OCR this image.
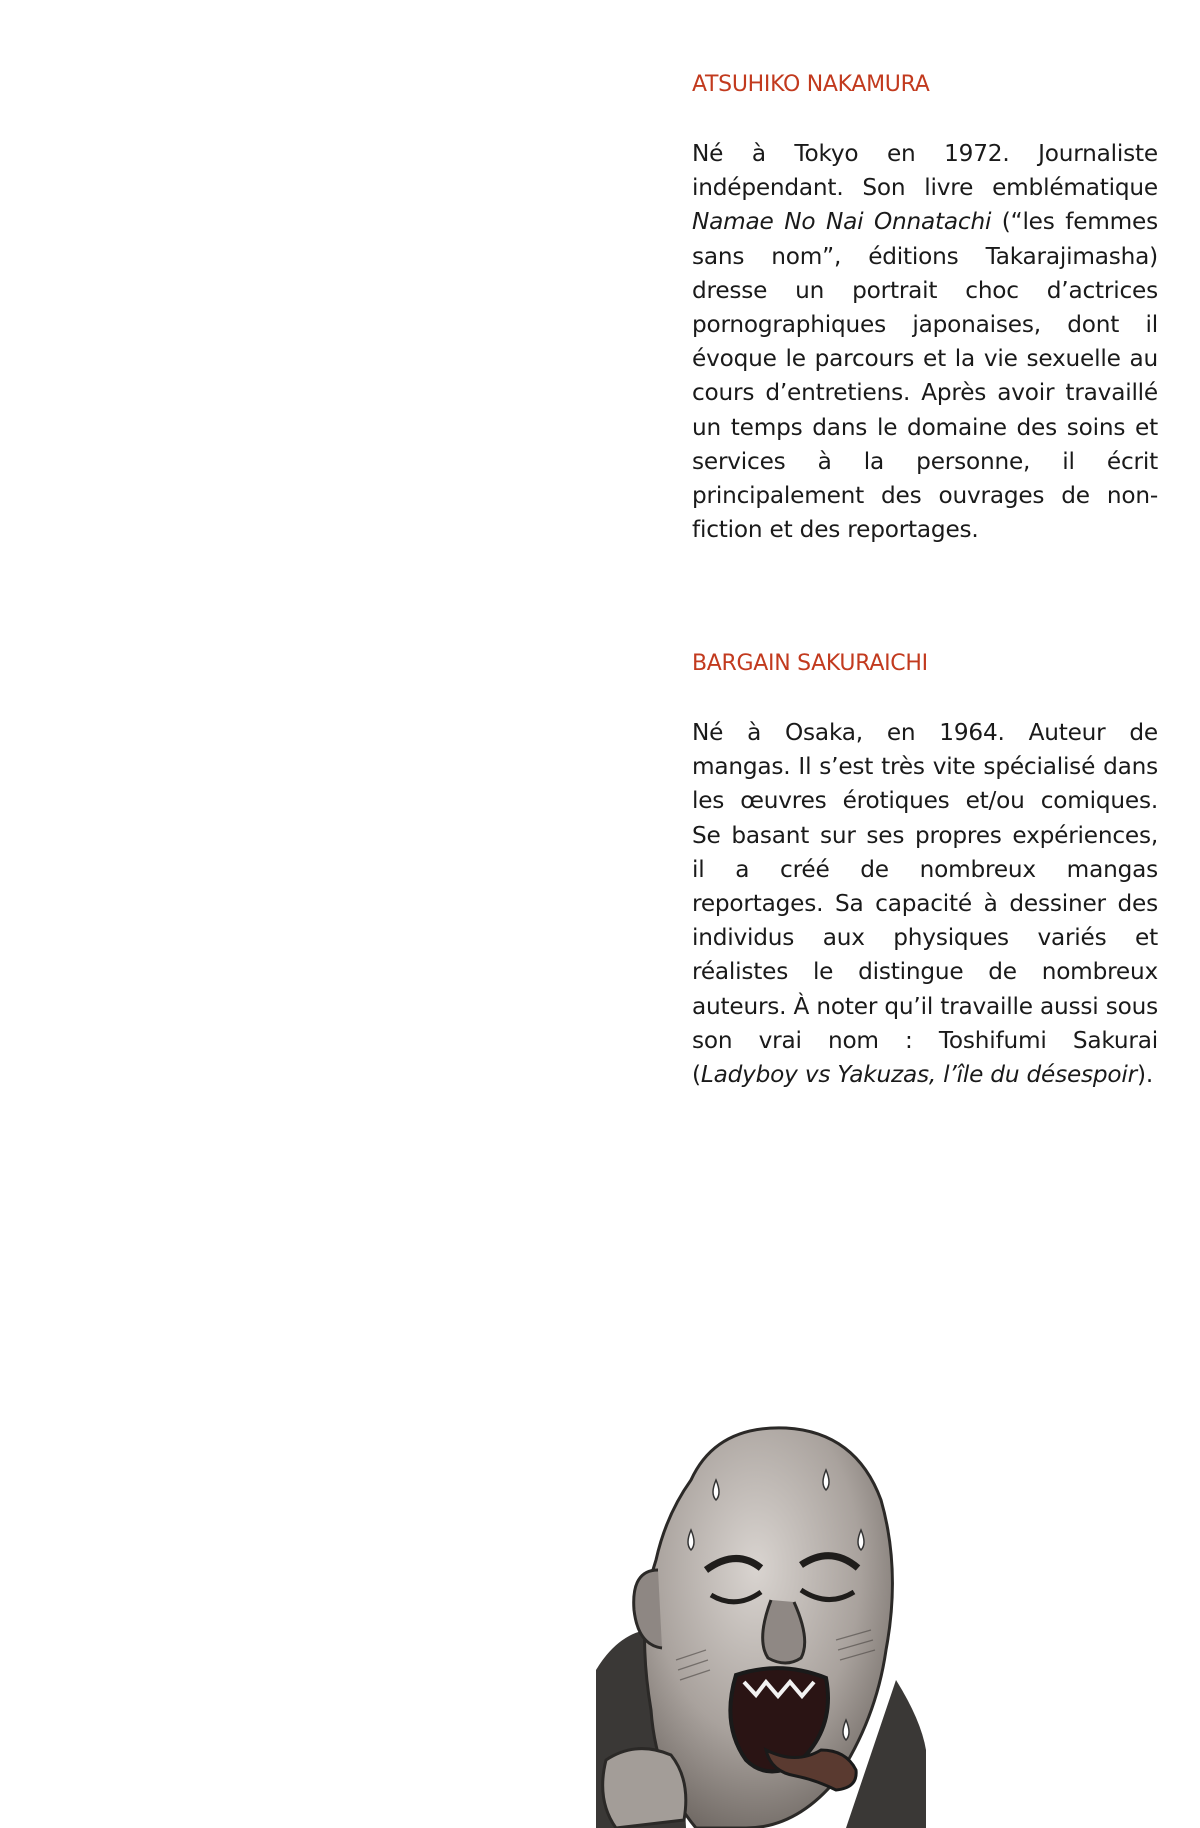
ATSUHIKO NAKAMURA

Né à Tokyo en 1972. Journaliste indépendant. Son livre emblématique Namae No Nai Onnatachi (“les femmes sans nom”, éditions Takarajimasha) dresse un portrait choc d’actrices pornographiques japonaises, dont il évoque le parcours et la vie sexuelle au cours d’entretiens. Après avoir travaillé un temps dans le domaine des soins et services à la personne, il écrit principalement des ouvrages de non-fiction et des reportages.

BARGAIN SAKURAICHI

Né à Osaka, en 1964. Auteur de mangas. Il s’est très vite spécialisé dans les œuvres érotiques et/ou comiques. Se basant sur ses propres expériences, il a créé de nombreux mangas reportages. Sa capacité à dessiner des individus aux physiques variés et réalistes le distingue de nombreux auteurs. À noter qu’il travaille aussi sous son vrai nom : Toshifumi Sakurai (Ladyboy vs Yakuzas, l’île du désespoir).
